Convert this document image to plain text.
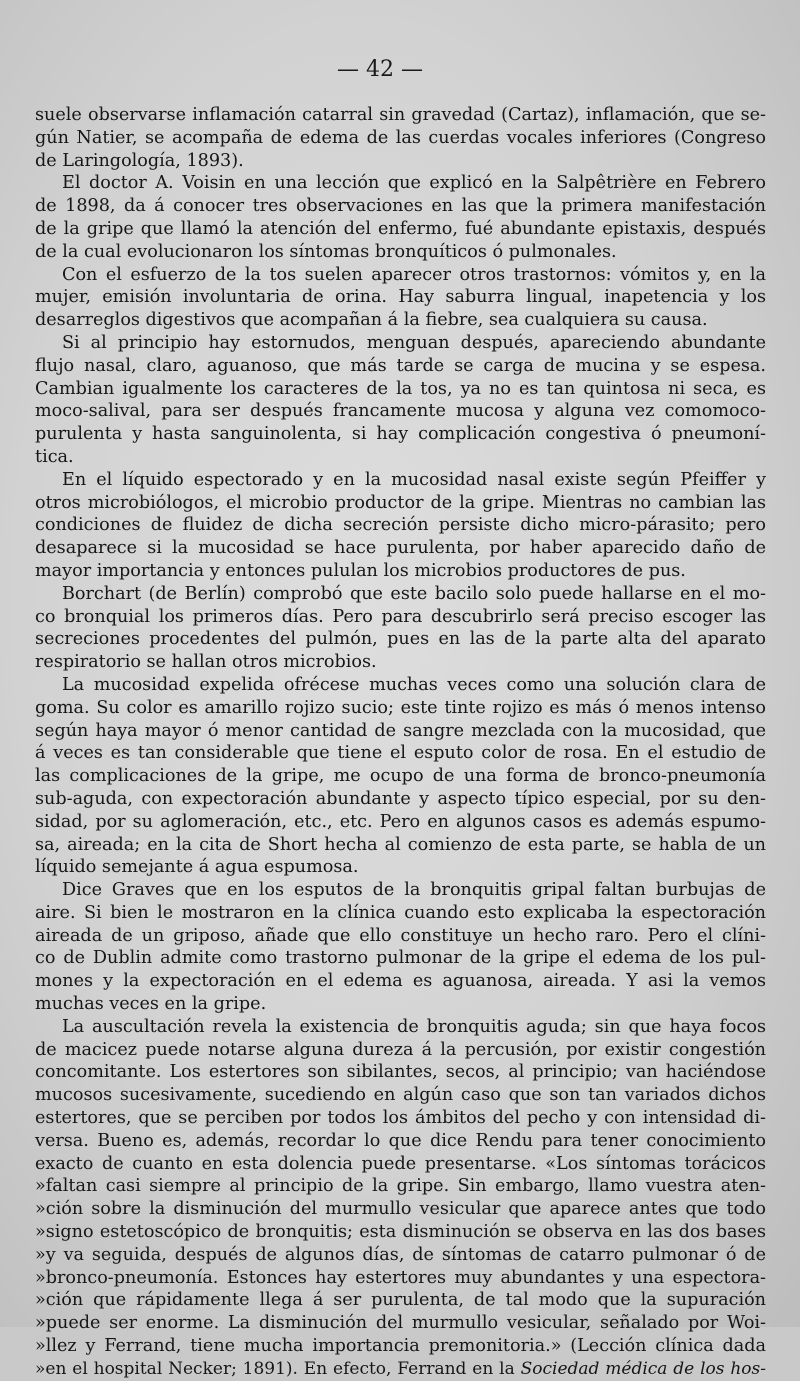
— 42 —
suele observarse inflamación catarral sin gravedad (Cartaz), inflamación, que se-
gún Natier, se acompaña de edema de las cuerdas vocales inferiores (Congreso
de Laringología, 1893).
El doctor A. Voisin en una lección que explicó en la Salpêtrière en Febrero
de 1898, da á conocer tres observaciones en las que la primera manifestación
de la gripe que llamó la atención del enfermo, fué abundante epistaxis, después
de la cual evolucionaron los síntomas bronquíticos ó pulmonales.
Con el esfuerzo de la tos suelen aparecer otros trastornos: vómitos y, en la
mujer, emisión involuntaria de orina. Hay saburra lingual, inapetencia y los
desarreglos digestivos que acompañan á la fiebre, sea cualquiera su causa.
Si al principio hay estornudos, menguan después, apareciendo abundante
flujo nasal, claro, aguanoso, que más tarde se carga de mucina y se espesa.
Cambian igualmente los caracteres de la tos, ya no es tan quintosa ni seca, es
moco-salival, para ser después francamente mucosa y alguna vez comomoco-
purulenta y hasta sanguinolenta, si hay complicación congestiva ó pneumoní-
tica.
En el líquido espectorado y en la mucosidad nasal existe según Pfeiffer y
otros microbiólogos, el microbio productor de la gripe. Mientras no cambian las
condiciones de fluidez de dicha secreción persiste dicho micro-párasito; pero
desaparece si la mucosidad se hace purulenta, por haber aparecido daño de
mayor importancia y entonces pululan los microbios productores de pus.
Borchart (de Berlín) comprobó que este bacilo solo puede hallarse en el mo-
co bronquial los primeros días. Pero para descubrirlo será preciso escoger las
secreciones procedentes del pulmón, pues en las de la parte alta del aparato
respiratorio se hallan otros microbios.
La mucosidad expelida ofrécese muchas veces como una solución clara de
goma. Su color es amarillo rojizo sucio; este tinte rojizo es más ó menos intenso
según haya mayor ó menor cantidad de sangre mezclada con la mucosidad, que
á veces es tan considerable que tiene el esputo color de rosa. En el estudio de
las complicaciones de la gripe, me ocupo de una forma de bronco-pneumonía
sub-aguda, con expectoración abundante y aspecto típico especial, por su den-
sidad, por su aglomeración, etc., etc. Pero en algunos casos es además espumo-
sa, aireada; en la cita de Short hecha al comienzo de esta parte, se habla de un
líquido semejante á agua espumosa.
Dice Graves que en los esputos de la bronquitis gripal faltan burbujas de
aire. Si bien le mostraron en la clínica cuando esto explicaba la espectoración
aireada de un griposo, añade que ello constituye un hecho raro. Pero el clíni-
co de Dublin admite como trastorno pulmonar de la gripe el edema de los pul-
mones y la expectoración en el edema es aguanosa, aireada. Y asi la vemos
muchas veces en la gripe.
La auscultación revela la existencia de bronquitis aguda; sin que haya focos
de macicez puede notarse alguna dureza á la percusión, por existir congestión
concomitante. Los estertores son sibilantes, secos, al principio; van haciéndose
mucosos sucesivamente, sucediendo en algún caso que son tan variados dichos
estertores, que se perciben por todos los ámbitos del pecho y con intensidad di-
versa. Bueno es, además, recordar lo que dice Rendu para tener conocimiento
exacto de cuanto en esta dolencia puede presentarse. «Los síntomas torácicos
»faltan casi siempre al principio de la gripe. Sin embargo, llamo vuestra aten-
»ción sobre la disminución del murmullo vesicular que aparece antes que todo
»signo estetoscópico de bronquitis; esta disminución se observa en las dos bases
»y va seguida, después de algunos días, de síntomas de catarro pulmonar ó de
»bronco-pneumonía. Estonces hay estertores muy abundantes y una espectora-
»ción que rápidamente llega á ser purulenta, de tal modo que la supuración
»puede ser enorme. La disminución del murmullo vesicular, señalado por Woi-
»llez y Ferrand, tiene mucha importancia premonitoria.» (Lección clínica dada
»en el hospital Necker; 1891). En efecto, Ferrand en la Sociedad médica de los hos-
